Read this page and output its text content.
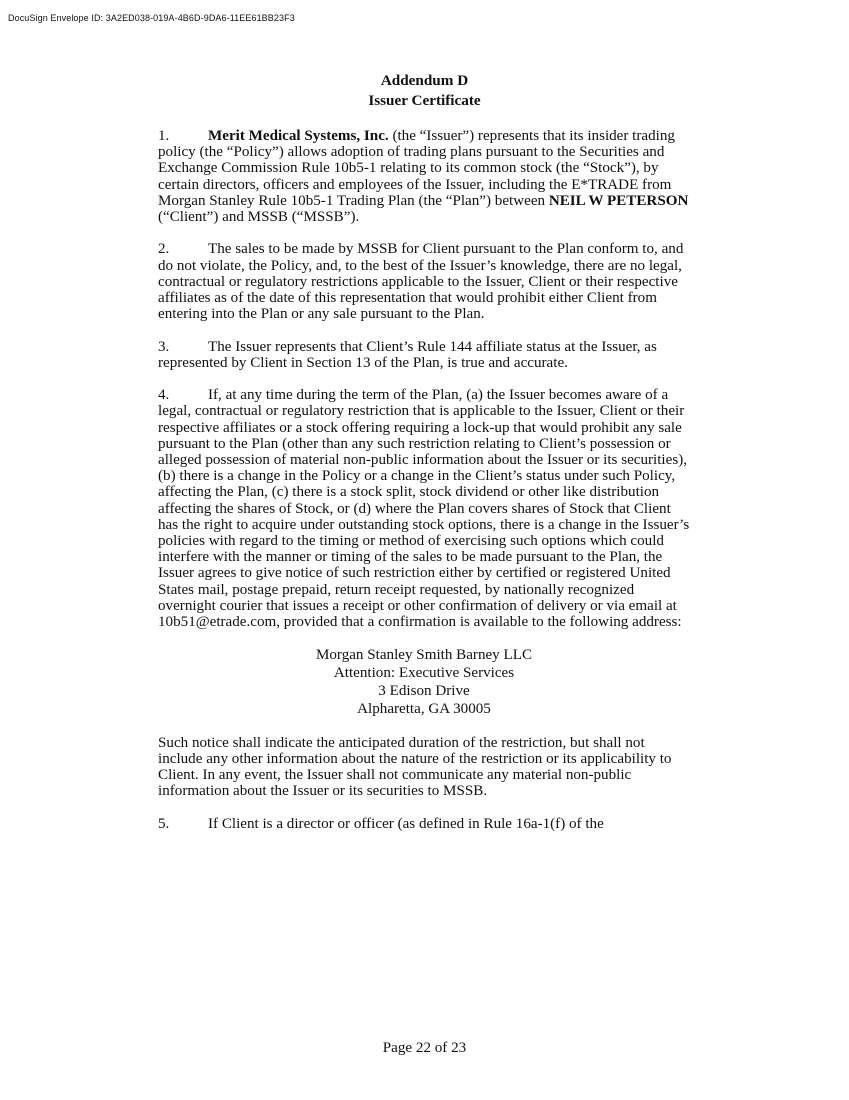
DocuSign Envelope ID: 3A2ED038-019A-4B6D-9DA6-11EE61BB23F3
Addendum D
Issuer Certificate

1.	Merit Medical Systems, Inc. (the “Issuer”) represents that its insider trading policy (the “Policy”) allows adoption of trading plans pursuant to the Securities and Exchange Commission Rule 10b5-1 relating to its common stock (the “Stock”), by certain directors, officers and employees of the Issuer, including the E*TRADE from Morgan Stanley Rule 10b5-1 Trading Plan (the “Plan”) between NEIL W PETERSON (“Client”) and MSSB (“MSSB”).

2.	The sales to be made by MSSB for Client pursuant to the Plan conform to, and do not violate, the Policy, and, to the best of the Issuer’s knowledge, there are no legal, contractual or regulatory restrictions applicable to the Issuer, Client or their respective affiliates as of the date of this representation that would prohibit either Client from entering into the Plan or any sale pursuant to the Plan.

3.	The Issuer represents that Client’s Rule 144 affiliate status at the Issuer, as represented by Client in Section 13 of the Plan, is true and accurate.

4.	If, at any time during the term of the Plan, (a) the Issuer becomes aware of a legal, contractual or regulatory restriction that is applicable to the Issuer, Client or their respective affiliates or a stock offering requiring a lock-up that would prohibit any sale pursuant to the Plan (other than any such restriction relating to Client’s possession or alleged possession of material non-public information about the Issuer or its securities), (b) there is a change in the Policy or a change in the Client’s status under such Policy, affecting the Plan, (c) there is a stock split, stock dividend or other like distribution affecting the shares of Stock, or (d) where the Plan covers shares of Stock that Client has the right to acquire under outstanding stock options, there is a change in the Issuer’s policies with regard to the timing or method of exercising such options which could interfere with the manner or timing of the sales to be made pursuant to the Plan, the Issuer agrees to give notice of such restriction either by certified or registered United States mail, postage prepaid, return receipt requested, by nationally recognized overnight courier that issues a receipt or other confirmation of delivery or via email at 10b51@etrade.com, provided that a confirmation is available to the following address:

Morgan Stanley Smith Barney LLC
Attention: Executive Services
3 Edison Drive
Alpharetta, GA 30005

Such notice shall indicate the anticipated duration of the restriction, but shall not include any other information about the nature of the restriction or its applicability to Client. In any event, the Issuer shall not communicate any material non-public information about the Issuer or its securities to MSSB.

5.	If Client is a director or officer (as defined in Rule 16a-1(f) of the

Page 22 of 23
